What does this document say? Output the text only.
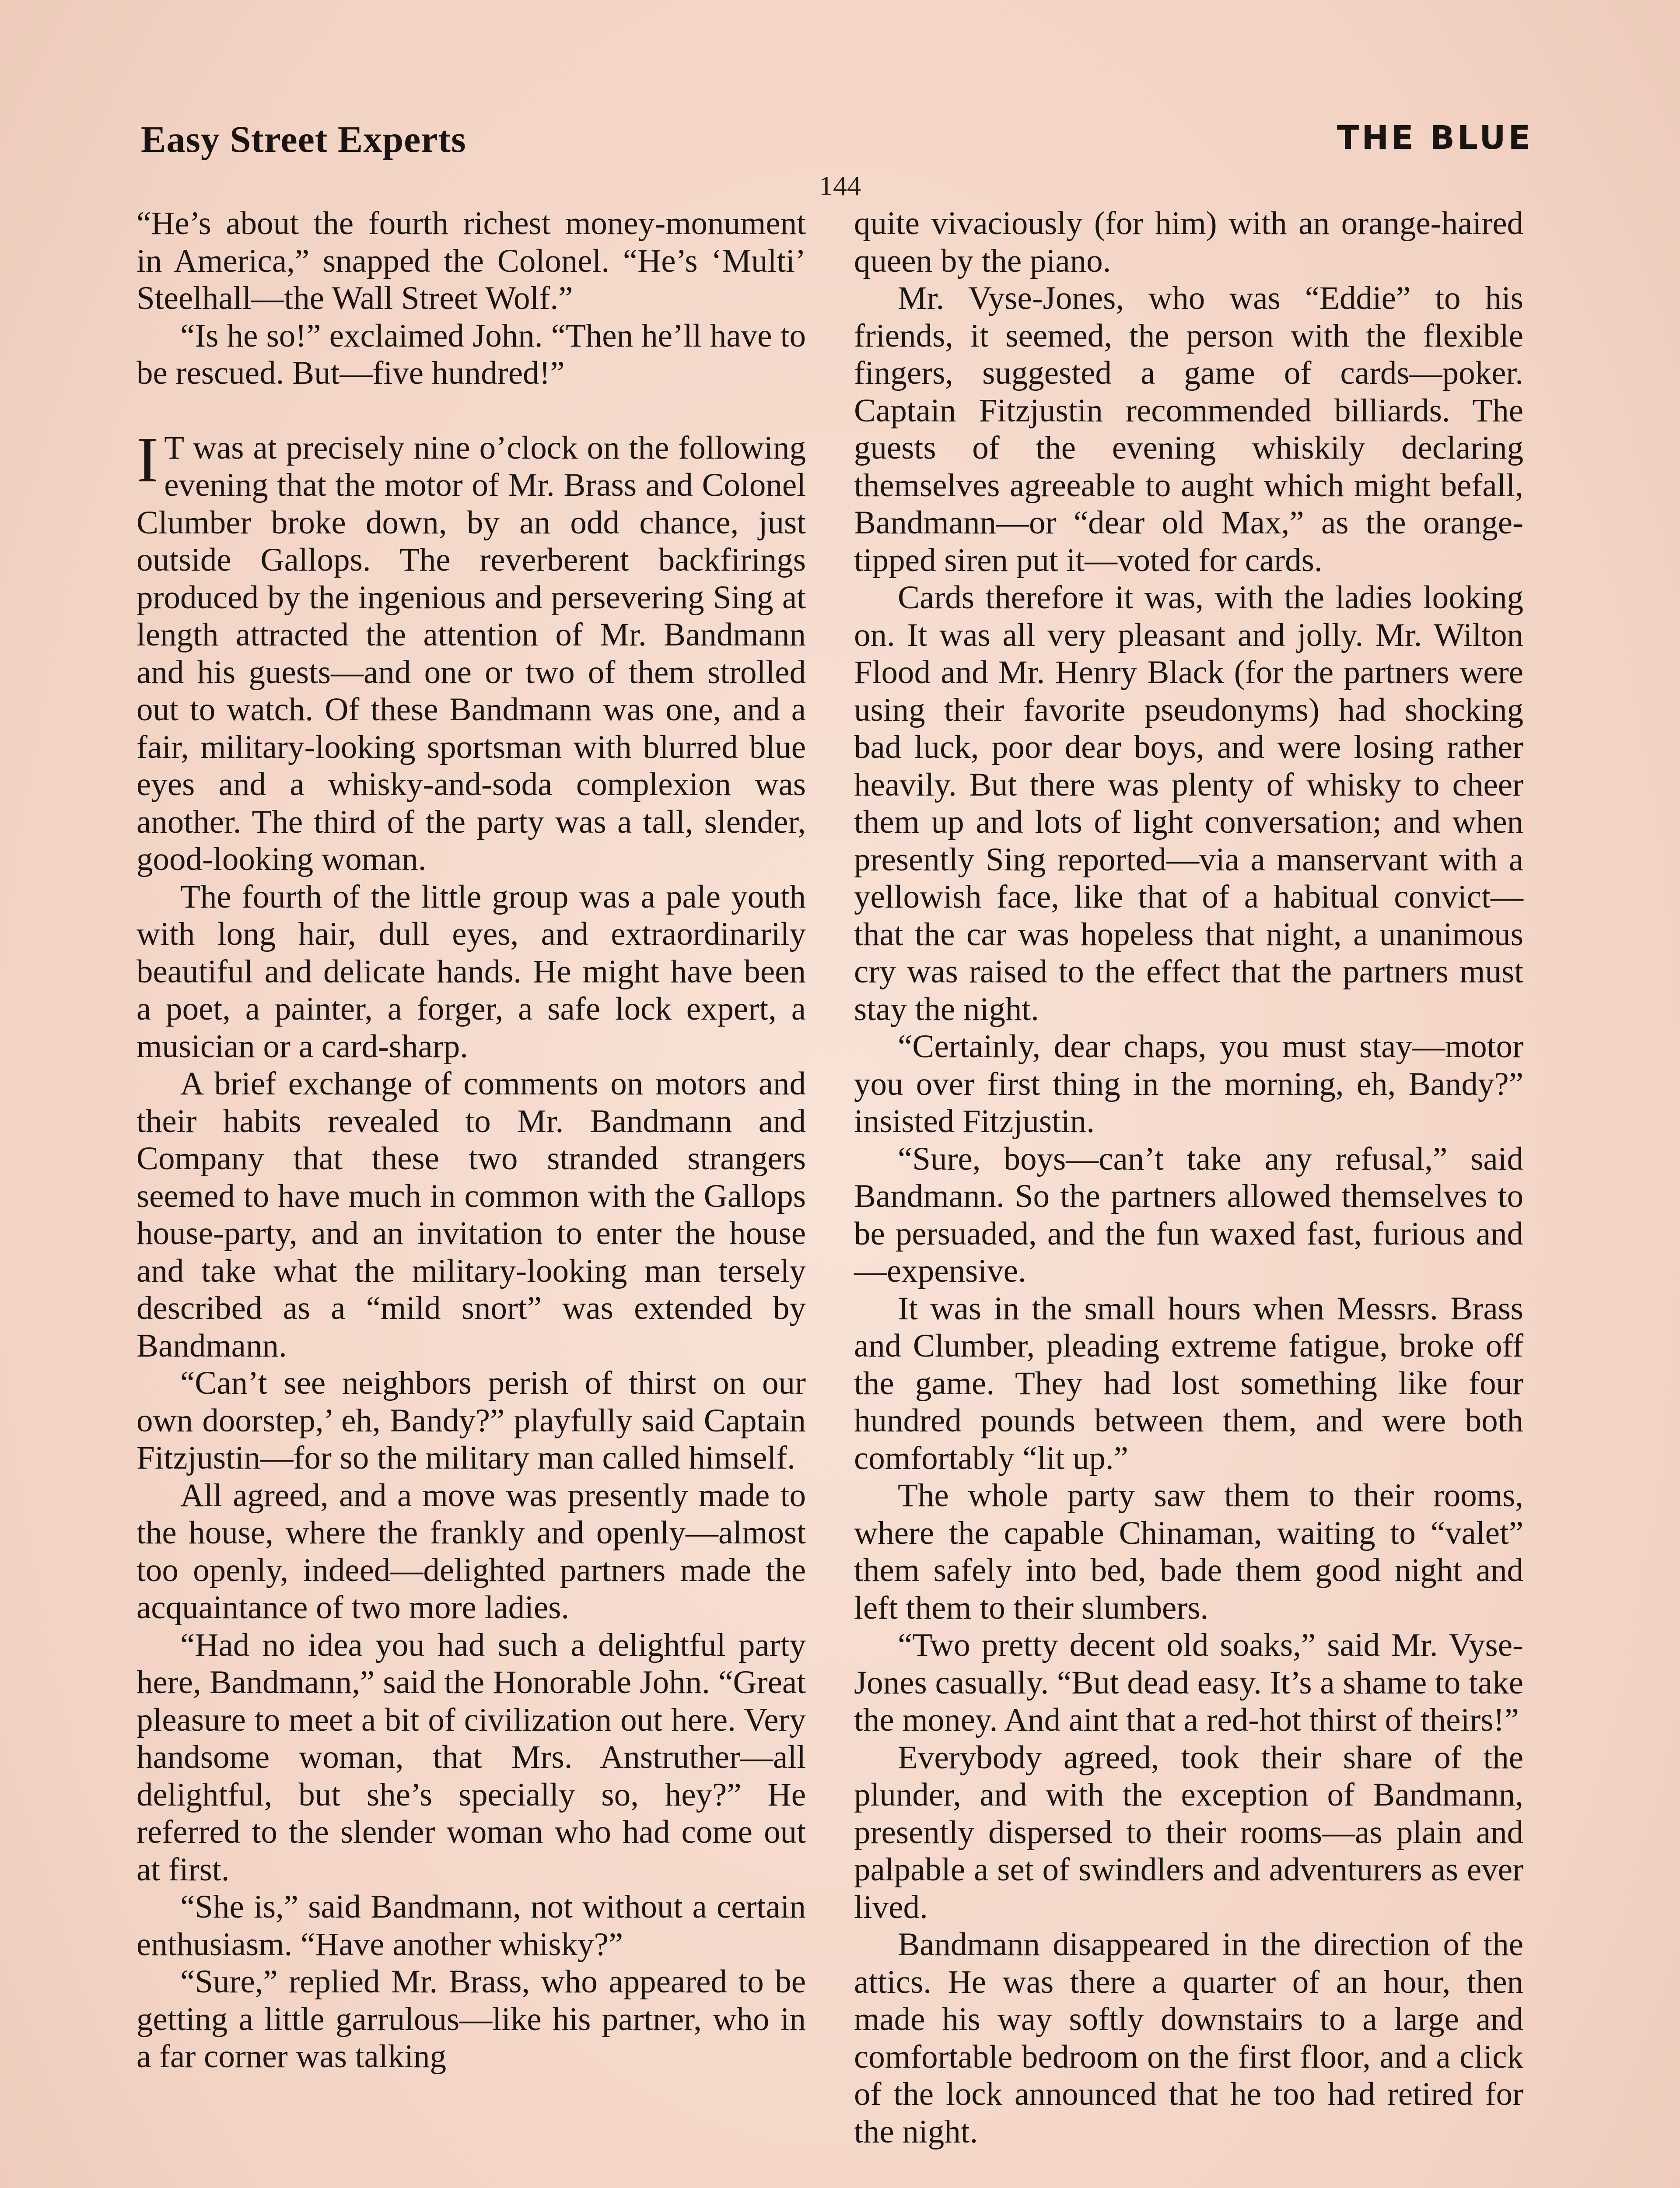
Easy Street Experts	THE BLUE
144

“He’s about the fourth richest money-monument in America,” snapped the Colonel. “He’s ‘Multi’ Steelhall—the Wall Street Wolf.”

“Is he so!” exclaimed John. “Then he’ll have to be rescued. But—five hundred!”

I T was at precisely nine o’clock on the following evening that the motor of Mr. Brass and Colonel Clumber broke down, by an odd chance, just outside Gallops. The reverberent backfirings produced by the ingenious and persevering Sing at length attracted the attention of Mr. Bandmann and his guests—and one or two of them strolled out to watch. Of these Bandmann was one, and a fair, military-looking sportsman with blurred blue eyes and a whisky-and-soda complexion was another. The third of the party was a tall, slender, good-looking woman.

The fourth of the little group was a pale youth with long hair, dull eyes, and extraordinarily beautiful and delicate hands. He might have been a poet, a painter, a forger, a safe lock expert, a musician or a card-sharp.

A brief exchange of comments on motors and their habits revealed to Mr. Bandmann and Company that these two stranded strangers seemed to have much in common with the Gallops house-party, and an invitation to enter the house and take what the military-looking man tersely described as a “mild snort” was extended by Bandmann.

“Can’t see neighbors perish of thirst on our own doorstep,’ eh, Bandy?” playfully said Captain Fitzjustin—for so the military man called himself.

All agreed, and a move was presently made to the house, where the frankly and openly—almost too openly, indeed—delighted partners made the acquaintance of two more ladies.

“Had no idea you had such a delightful party here, Bandmann,” said the Honorable John. “Great pleasure to meet a bit of civilization out here. Very handsome woman, that Mrs. Anstruther—all delightful, but she’s specially so, hey?” He referred to the slender woman who had come out at first.

“She is,” said Bandmann, not without a certain enthusiasm. “Have another whisky?”

“Sure,” replied Mr. Brass, who appeared to be getting a little garrulous—like his partner, who in a far corner was talking

quite vivaciously (for him) with an orange-haired queen by the piano.

Mr. Vyse-Jones, who was “Eddie” to his friends, it seemed, the person with the flexible fingers, suggested a game of cards—poker. Captain Fitzjustin recommended billiards. The guests of the evening whiskily declaring themselves agreeable to aught which might befall, Bandmann—or “dear old Max,” as the orange-tipped siren put it—voted for cards.

Cards therefore it was, with the ladies looking on. It was all very pleasant and jolly. Mr. Wilton Flood and Mr. Henry Black (for the partners were using their favorite pseudonyms) had shocking bad luck, poor dear boys, and were losing rather heavily. But there was plenty of whisky to cheer them up and lots of light conversation; and when presently Sing reported—via a manservant with a yellowish face, like that of a habitual convict—that the car was hopeless that night, a unanimous cry was raised to the effect that the partners must stay the night.

“Certainly, dear chaps, you must stay—motor you over first thing in the morning, eh, Bandy?” insisted Fitzjustin.

“Sure, boys—can’t take any refusal,” said Bandmann. So the partners allowed themselves to be persuaded, and the fun waxed fast, furious and—expensive.

It was in the small hours when Messrs. Brass and Clumber, pleading extreme fatigue, broke off the game. They had lost something like four hundred pounds between them, and were both comfortably “lit up.”

The whole party saw them to their rooms, where the capable Chinaman, waiting to “valet” them safely into bed, bade them good night and left them to their slumbers.

“Two pretty decent old soaks,” said Mr. Vyse-Jones casually. “But dead easy. It’s a shame to take the money. And aint that a red-hot thirst of theirs!”

Everybody agreed, took their share of the plunder, and with the exception of Bandmann, presently dispersed to their rooms—as plain and palpable a set of swindlers and adventurers as ever lived.

Bandmann disappeared in the direction of the attics. He was there a quarter of an hour, then made his way softly downstairs to a large and comfortable bedroom on the first floor, and a click of the lock announced that he too had retired for the night.
